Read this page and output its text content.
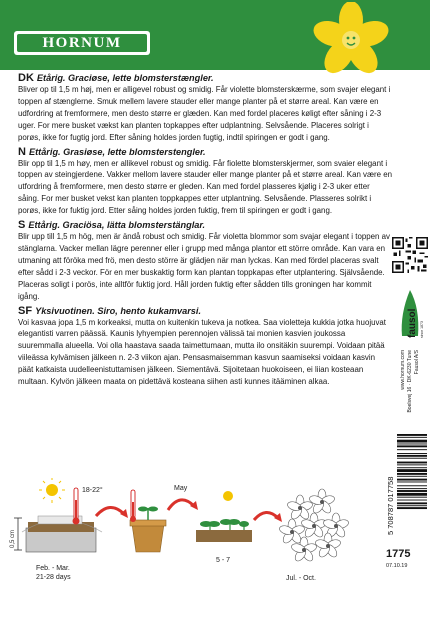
HORNUM
DK Etårig. Graciøse, lette blomsterstængler.
Bliver op til 1,5 m høj, men er alligevel robust og smidig. Får violette blomsterskærme, som svajer elegant i toppen af stænglerne. Smuk mellem lavere stauder eller mange planter på et større areal. Kan være en udfordring at fremformere, men desto større er glæden. Kan med fordel placeres køligt efter såning i 2-3 uger. For mere busket vækst kan planten topkappes efter udplantning. Selvsående. Placeres solrigt i porøs, ikke for fugtig jord. Efter såning holdes jorden fugtig, indtil spiringen er godt i gang.
N Ettårig. Grasiøse, lette blomsterstengler.
Blir opp til 1,5 m høy, men er allikevel robust og smidig. Får fiolette blomsterskjermer, som svaier elegant i toppen av steingjerdene. Vakker mellom lavere stauder eller mange planter på et større areal. Kan være en utfordring å fremformere, men desto større er gleden. Kan med fordel plasseres kjølig i 2-3 uker etter såing. For mer busket vekst kan planten toppkappes etter utplantning. Selvsående. Plasseres solrikt i porøs, ikke for fuktig jord. Etter såing holdes jorden fuktig, frem til spiringen er godt i gang.
S Ettårig. Graciösa, lätta blomsterstänglar.
Blir upp till 1,5 m hög, men är ändå robust och smidig. Får violetta blommor som svajar elegant i toppen av stänglarna. Vacker mellan lägre perenner eller i grupp med många plantor ett större område. Kan vara en utmaning att föröka med frö, men desto större är glädjen när man lyckas. Kan med fördel placeras svalt efter sådd i 2-3 veckor. För en mer buskaktig form kan plantan toppkapas efter utplantering. Självsående. Placeras soligt i porös, inte alltför fuktig jord. Håll jorden fuktig efter sådden tills groningen har kommit igång.
SF Yksivuotinen. Siro, hento kukamvarsi.
Voi kasvaa jopa 1,5 m korkeaksi, mutta on kuitenkin tukeva ja notkea. Saa violetteja kukkia jotka huojuvat elegantisti varren päässä. Kaunis lyhyempien perennojen välissä tai monien kasvien joukossa suuremmalla alueella. Voi olla haastava saada taimettumaan, mutta ilo onsitäkin suurempi. Voidaan pitää viileässa kylvämisen jälkeen n. 2-3 viikon ajan. Pensasmaisemman kasvun saamiseksi voidaan kasvin päät katkaista uudelleenistuttamisen jälkeen. Siementävä. Sijoitetaan huokoiseen, ei liian kosteaan multaan. Kylvön jälkeen maata on pidettävä kosteana siihen asti kunnes itääminen alkaa.
fausol since 1873
Fausol A/S
Boelsvej 16 · DK-6230 Tune
www.hornum.com
5 708787 017758
1775
07.10.19
0,5 cm
18-22°
Feb. - Mar.
21-28 days
May
5 - 7
Jul. - Oct.
